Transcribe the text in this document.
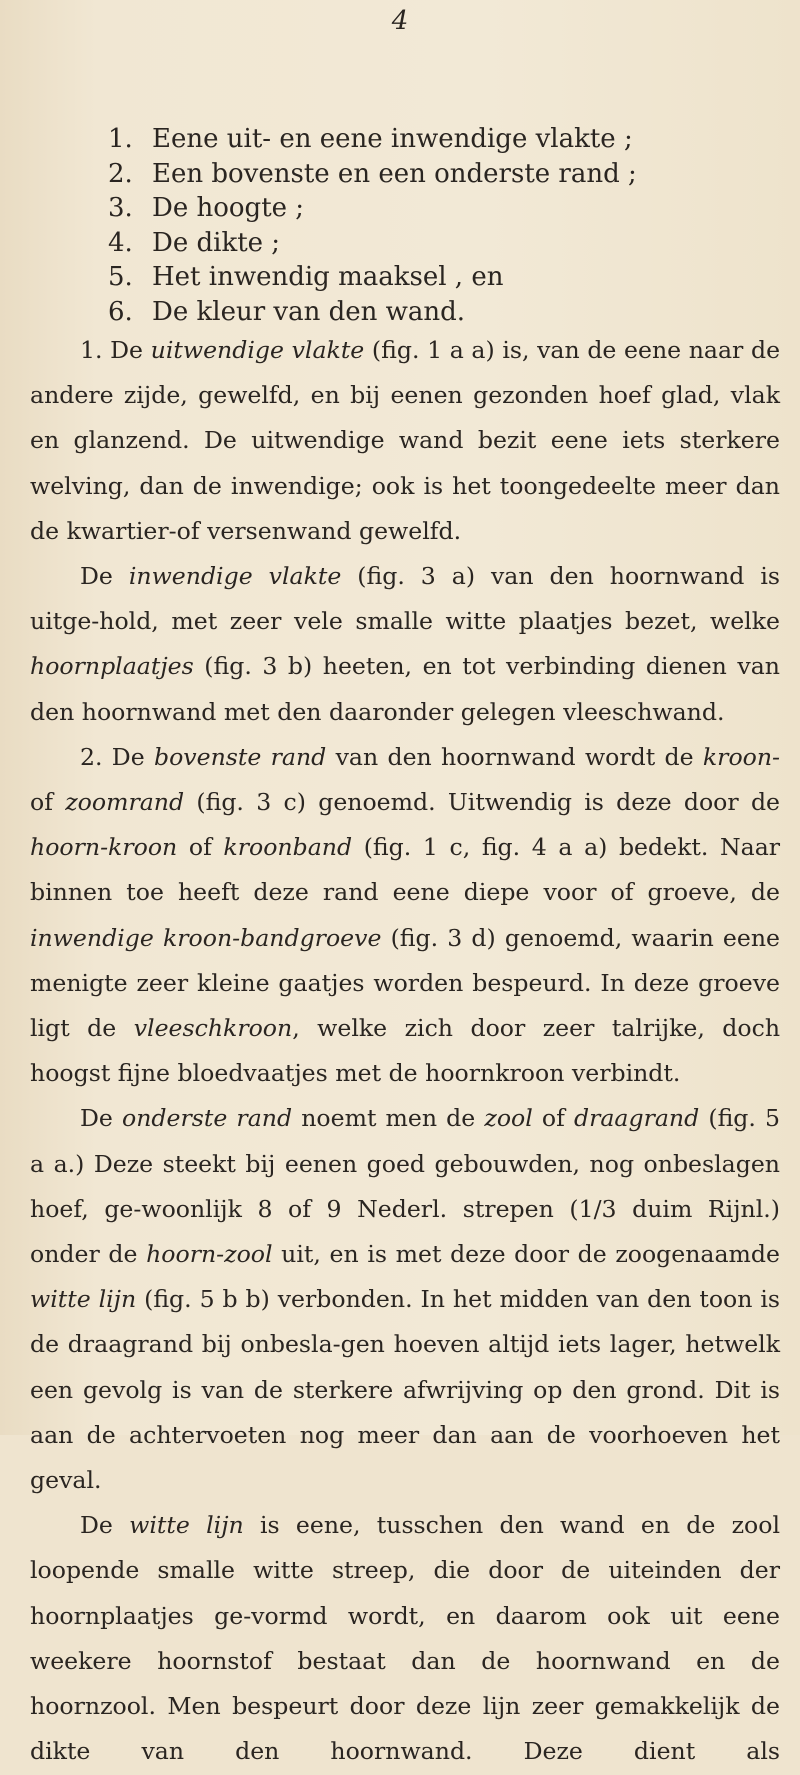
4
1. Eene uit- en eene inwendige vlakte ;
2. Een bovenste en een onderste rand ;
3. De hoogte ;
4. De dikte ;
5. Het inwendig maaksel , en
6. De kleur van den wand.

1. De uitwendige vlakte (fig. 1 a a) is, van de eene naar de andere zijde, gewelfd, en bij eenen gezonden hoef glad, vlak en glanzend. De uitwendige wand bezit eene iets sterkere welving, dan de inwendige; ook is het toongedeelte meer dan de kwartier-of versenwand gewelfd.

De inwendige vlakte (fig. 3 a) van den hoornwand is uitge-hold, met zeer vele smalle witte plaatjes bezet, welke hoornplaatjes (fig. 3 b) heeten, en tot verbinding dienen van den hoornwand met den daaronder gelegen vleeschwand.

2. De bovenste rand van den hoornwand wordt de kroon- of zoomrand (fig. 3 c) genoemd. Uitwendig is deze door de hoorn-kroon of kroonband (fig. 1 c, fig. 4 a a) bedekt. Naar binnen toe heeft deze rand eene diepe voor of groeve, de inwendige kroon-bandgroeve (fig. 3 d) genoemd, waarin eene menigte zeer kleine gaatjes worden bespeurd. In deze groeve ligt de vleeschkroon, welke zich door zeer talrijke, doch hoogst fijne bloedvaatjes met de hoornkroon verbindt.

De onderste rand noemt men de zool of draagrand (fig. 5 a a.) Deze steekt bij eenen goed gebouwden, nog onbeslagen hoef, ge-woonlijk 8 of 9 Nederl. strepen (1/3 duim Rijnl.) onder de hoorn-zool uit, en is met deze door de zoogenaamde witte lijn (fig. 5 b b) verbonden. In het midden van den toon is de draagrand bij onbesla-gen hoeven altijd iets lager, hetwelk een gevolg is van de sterkere afwrijving op den grond. Dit is aan de achtervoeten nog meer dan aan de voorhoeven het geval.

De witte lijn is eene, tusschen den wand en de zool loopende smalle witte streep, die door de uiteinden der hoornplaatjes ge-vormd wordt, en daarom ook uit eene weekere hoornstof bestaat dan de hoornwand en de hoornzool. Men bespeurt door deze lijn zeer gemakkelijk de dikte van den hoornwand. Deze dient als
